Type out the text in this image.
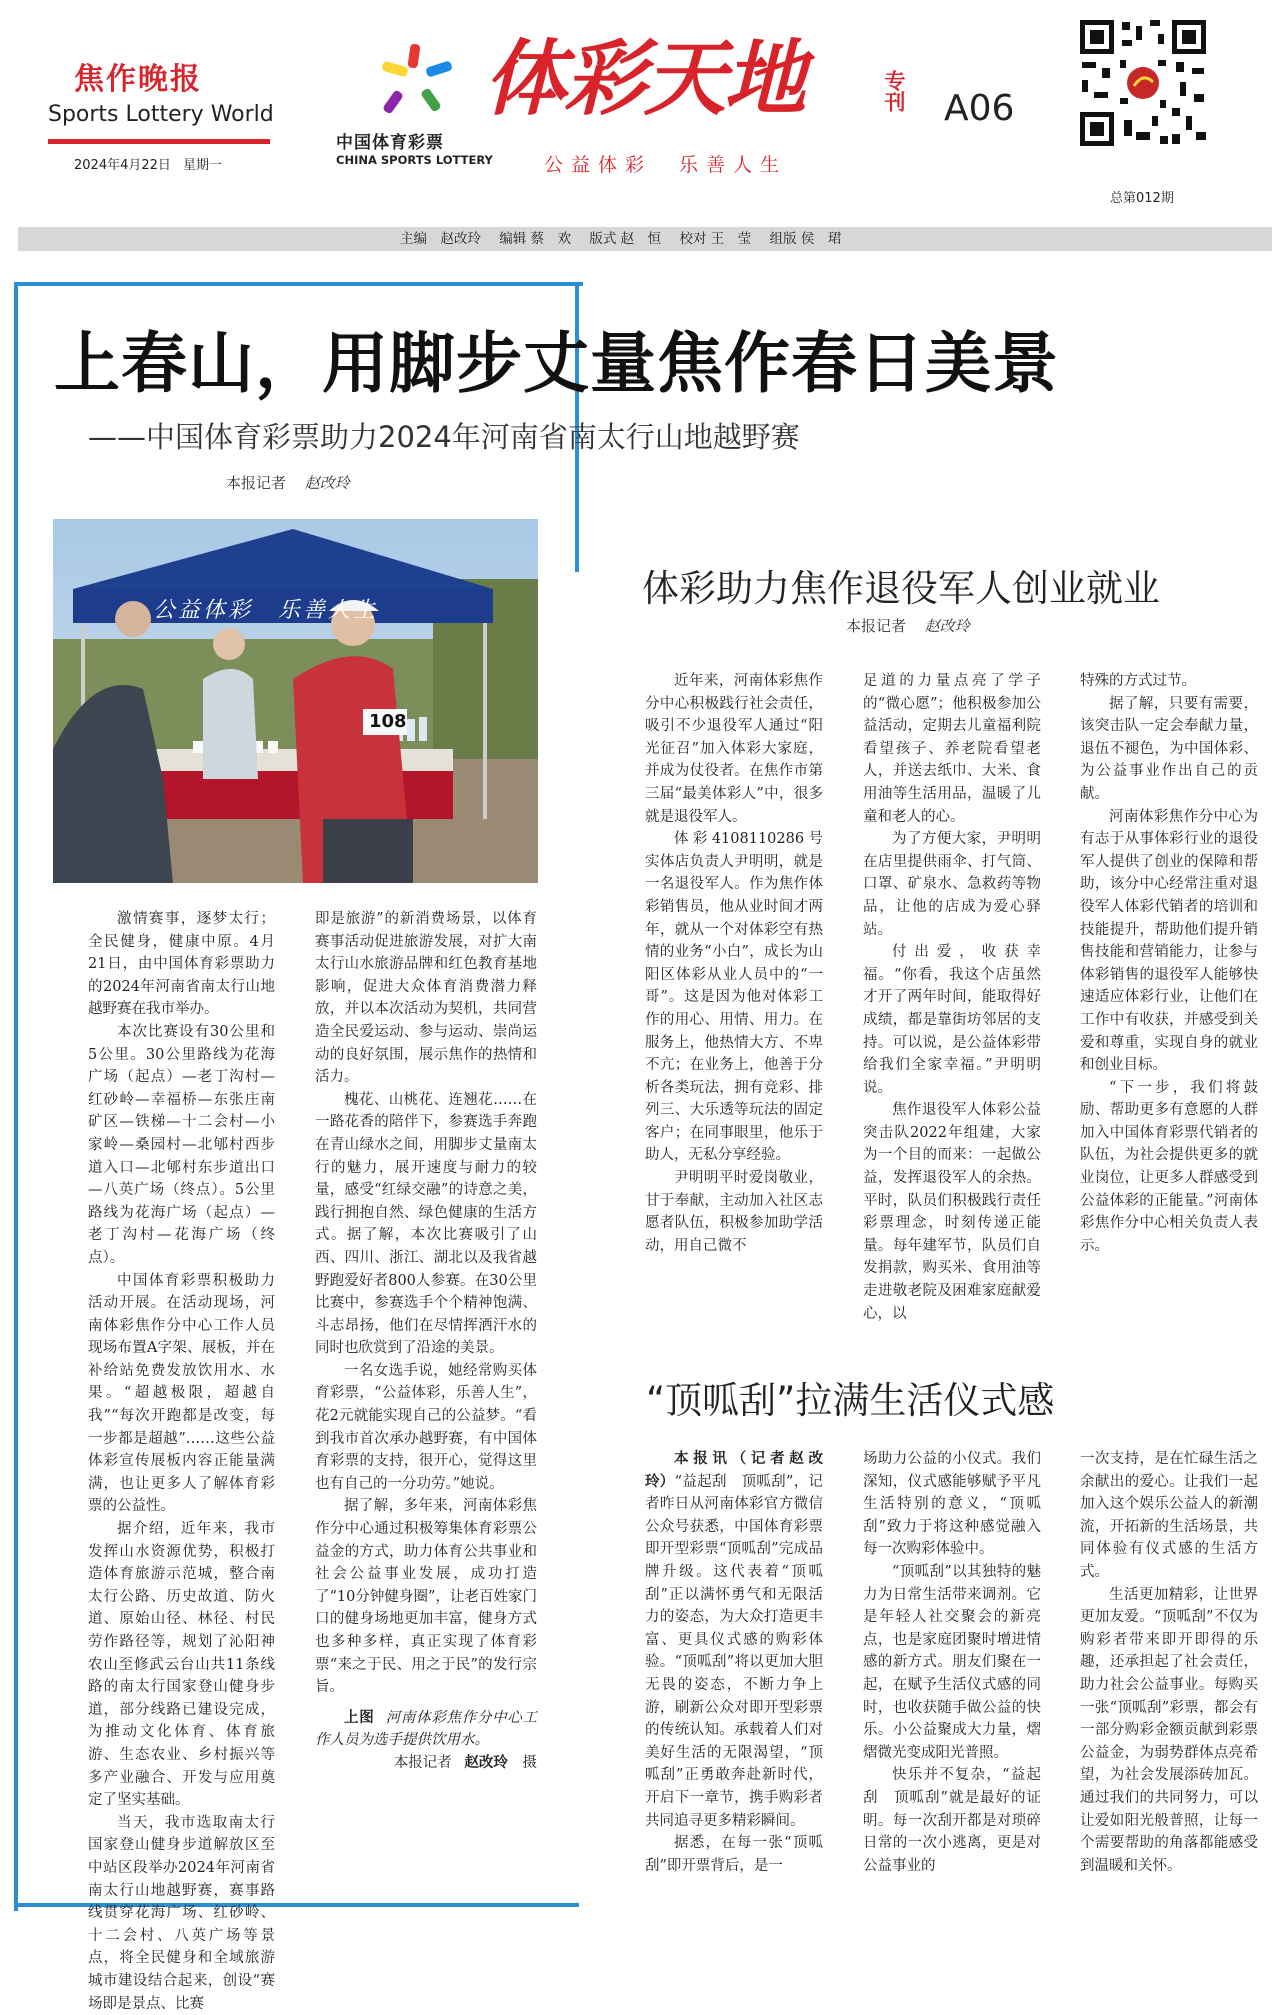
焦作晚报
Sports Lottery World
2024年4月22日 星期一
中国体育彩票
CHINA SPORTS LOTTERY
体彩天地	专刊 A06
公益体彩　乐善人生
总第012期
主编　赵改玲 编辑 蔡　欢 版式 赵　恒 校对 王　莹 组版 侯　珺
上春山，用脚步丈量焦作春日美景
——中国体育彩票助力2024年河南省南太行山地越野赛
本报记者 赵改玲
公益体彩　乐善人生
108

激情赛事，逐梦太行；全民健身，健康中原。4月21日，由中国体育彩票助力的2024年河南省南太行山地越野赛在我市举办。

本次比赛设有30公里和5公里。30公里路线为花海广场（起点）—老丁沟村—红砂岭—幸福桥—东张庄南矿区—铁梯—十二会村—小家岭—桑园村—北郇村西步道入口—北郇村东步道出口—八英广场（终点）。5公里路线为花海广场（起点）—老丁沟村—花海广场（终点）。

中国体育彩票积极助力活动开展。在活动现场，河南体彩焦作分中心工作人员现场布置A字架、展板，并在补给站免费发放饮用水、水果。“超越极限，超越自我”“每次开跑都是改变，每一步都是超越”……这些公益体彩宣传展板内容正能量满满，也让更多人了解体育彩票的公益性。

据介绍，近年来，我市发挥山水资源优势，积极打造体育旅游示范城，整合南太行公路、历史故道、防火道、原始山径、林径、村民劳作路径等，规划了沁阳神农山至修武云台山共11条线路的南太行国家登山健身步道，部分线路已建设完成，为推动文化体育、体育旅游、生态农业、乡村振兴等多产业融合、开发与应用奠定了坚实基础。

当天，我市选取南太行国家登山健身步道解放区至中站区段举办2024年河南省南太行山地越野赛，赛事路线贯穿花海广场、红砂岭、十二会村、八英广场等景点，将全民健身和全域旅游城市建设结合起来，创设“赛场即是景点、比赛

即是旅游”的新消费场景，以体育赛事活动促进旅游发展，对扩大南太行山水旅游品牌和红色教育基地影响，促进大众体育消费潜力释放，并以本次活动为契机，共同营造全民爱运动、参与运动、崇尚运动的良好氛围，展示焦作的热情和活力。

槐花、山桃花、连翘花……在一路花香的陪伴下，参赛选手奔跑在青山绿水之间，用脚步丈量南太行的魅力，展开速度与耐力的较量，感受“红绿交融”的诗意之美，践行拥抱自然、绿色健康的生活方式。据了解，本次比赛吸引了山西、四川、浙江、湖北以及我省越野跑爱好者800人参赛。在30公里比赛中，参赛选手个个精神饱满、斗志昂扬，他们在尽情挥洒汗水的同时也欣赏到了沿途的美景。

一名女选手说，她经常购买体育彩票，“公益体彩，乐善人生”，花2元就能实现自己的公益梦。“看到我市首次承办越野赛，有中国体育彩票的支持，很开心，觉得这里也有自己的一分功劳。”她说。

据了解，多年来，河南体彩焦作分中心通过积极筹集体育彩票公益金的方式，助力体育公共事业和社会公益事业发展，成功打造了“10分钟健身圈”，让老百姓家门口的健身场地更加丰富，健身方式也多种多样，真正实现了体育彩票“来之于民、用之于民”的发行宗旨。

上图 河南体彩焦作分中心工作人员为选手提供饮用水。

本报记者 赵改玲 摄

体彩助力焦作退役军人创业就业
本报记者 赵改玲

近年来，河南体彩焦作分中心积极践行社会责任，吸引不少退役军人通过“阳光征召”加入体彩大家庭，并成为仗役者。在焦作市第三届“最美体彩人”中，很多就是退役军人。

体彩4108110286号实体店负责人尹明明，就是一名退役军人。作为焦作体彩销售员，他从业时间才两年，就从一个对体彩空有热情的业务“小白”，成长为山阳区体彩从业人员中的“一哥”。这是因为他对体彩工作的用心、用情、用力。在服务上，他热情大方、不卑不亢；在业务上，他善于分析各类玩法，拥有竞彩、排列三、大乐透等玩法的固定客户；在同事眼里，他乐于助人，无私分享经验。

尹明明平时爱岗敬业，甘于奉献，主动加入社区志愿者队伍，积极参加助学活动，用自己微不

足道的力量点亮了学子的“微心愿”；他积极参加公益活动，定期去儿童福利院看望孩子、养老院看望老人，并送去纸巾、大米、食用油等生活用品，温暖了儿童和老人的心。

为了方便大家，尹明明在店里提供雨伞、打气筒、口罩、矿泉水、急救药等物品，让他的店成为爱心驿站。

付出爱，收获幸福。“你看，我这个店虽然才开了两年时间，能取得好成绩，都是靠街坊邻居的支持。可以说，是公益体彩带给我们全家幸福。”尹明明说。

焦作退役军人体彩公益突击队2022年组建，大家为一个目的而来：一起做公益，发挥退役军人的余热。平时，队员们积极践行责任彩票理念，时刻传递正能量。每年建军节，队员们自发捐款，购买米、食用油等走进敬老院及困难家庭献爱心，以

特殊的方式过节。

据了解，只要有需要，该突击队一定会奉献力量，退伍不褪色，为中国体彩、为公益事业作出自己的贡献。

河南体彩焦作分中心为有志于从事体彩行业的退役军人提供了创业的保障和帮助，该分中心经常注重对退役军人体彩代销者的培训和技能提升，帮助他们提升销售技能和营销能力，让参与体彩销售的退役军人能够快速适应体彩行业，让他们在工作中有收获，并感受到关爱和尊重，实现自身的就业和创业目标。

“下一步，我们将鼓励、帮助更多有意愿的人群加入中国体育彩票代销者的队伍，为社会提供更多的就业岗位，让更多人群感受到公益体彩的正能量。”河南体彩焦作分中心相关负责人表示。

“顶呱刮”拉满生活仪式感

本报讯（记者赵改玲）“益起刮　顶呱刮”，记者昨日从河南体彩官方微信公众号获悉，中国体育彩票即开型彩票“顶呱刮”完成品牌升级。这代表着“顶呱刮”正以满怀勇气和无限活力的姿态，为大众打造更丰富、更具仪式感的购彩体验。“顶呱刮”将以更加大胆无畏的姿态，不断力争上游，刷新公众对即开型彩票的传统认知。承载着人们对美好生活的无限渴望，“顶呱刮”正勇敢奔赴新时代，开启下一章节，携手购彩者共同追寻更多精彩瞬间。

据悉，在每一张“顶呱刮”即开票背后，是一

场助力公益的小仪式。我们深知，仪式感能够赋予平凡生活特别的意义，“顶呱刮”致力于将这种感觉融入每一次购彩体验中。

“顶呱刮”以其独特的魅力为日常生活带来调剂。它是年轻人社交聚会的新亮点，也是家庭团聚时增进情感的新方式。朋友们聚在一起，在赋予生活仪式感的同时，也收获随手做公益的快乐。小公益聚成大力量，熠熠微光变成阳光普照。

快乐并不复杂，“益起刮　顶呱刮”就是最好的证明。每一次刮开都是对琐碎日常的一次小逃离，更是对公益事业的

一次支持，是在忙碌生活之余献出的爱心。让我们一起加入这个娱乐公益人的新潮流，开拓新的生活场景，共同体验有仪式感的生活方式。

生活更加精彩，让世界更加友爱。“顶呱刮”不仅为购彩者带来即开即得的乐趣，还承担起了社会责任，助力社会公益事业。每购买一张“顶呱刮”彩票，都会有一部分购彩金额贡献到彩票公益金，为弱势群体点亮希望，为社会发展添砖加瓦。通过我们的共同努力，可以让爱如阳光般普照，让每一个需要帮助的角落都能感受到温暖和关怀。
